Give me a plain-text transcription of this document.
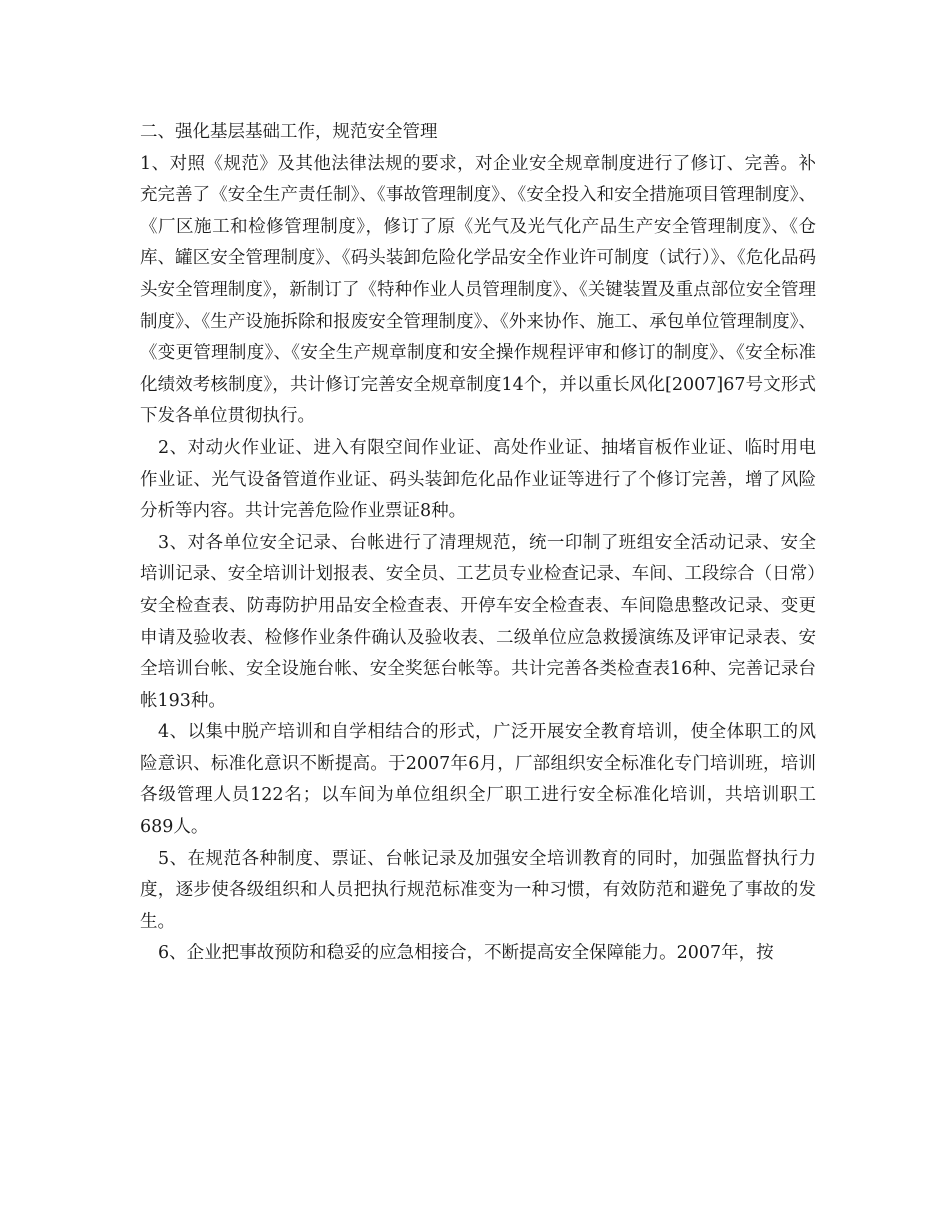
二、强化基层基础工作，规范安全管理

1、对照《规范》及其他法律法规的要求，对企业安全规章制度进行了修订、完善。补充完善了《安全生产责任制》、《事故管理制度》、《安全投入和安全措施项目管理制度》、《厂区施工和检修管理制度》，修订了原《光气及光气化产品生产安全管理制度》、《仓库、罐区安全管理制度》、《码头装卸危险化学品安全作业许可制度（试行）》、《危化品码头安全管理制度》，新制订了《特种作业人员管理制度》、《关键装置及重点部位安全管理制度》、《生产设施拆除和报废安全管理制度》、《外来协作、施工、承包单位管理制度》、《变更管理制度》、《安全生产规章制度和安全操作规程评审和修订的制度》、《安全标准化绩效考核制度》，共计修订完善安全规章制度14个，并以重长风化[2007]67号文形式下发各单位贯彻执行。

2、对动火作业证、进入有限空间作业证、高处作业证、抽堵盲板作业证、临时用电作业证、光气设备管道作业证、码头装卸危化品作业证等进行了个修订完善，增了风险分析等内容。共计完善危险作业票证8种。

3、对各单位安全记录、台帐进行了清理规范，统一印制了班组安全活动记录、安全培训记录、安全培训计划报表、安全员、工艺员专业检查记录、车间、工段综合（日常）安全检查表、防毒防护用品安全检查表、开停车安全检查表、车间隐患整改记录、变更申请及验收表、检修作业条件确认及验收表、二级单位应急救援演练及评审记录表、安全培训台帐、安全设施台帐、安全奖惩台帐等。共计完善各类检查表16种、完善记录台帐193种。

4、以集中脱产培训和自学相结合的形式，广泛开展安全教育培训，使全体职工的风险意识、标准化意识不断提高。于2007年6月，厂部组织安全标准化专门培训班，培训各级管理人员122名；以车间为单位组织全厂职工进行安全标准化培训，共培训职工689人。

5、在规范各种制度、票证、台帐记录及加强安全培训教育的同时，加强监督执行力度，逐步使各级组织和人员把执行规范标准变为一种习惯，有效防范和避免了事故的发生。

6、企业把事故预防和稳妥的应急相接合，不断提高安全保障能力。2007年，按
